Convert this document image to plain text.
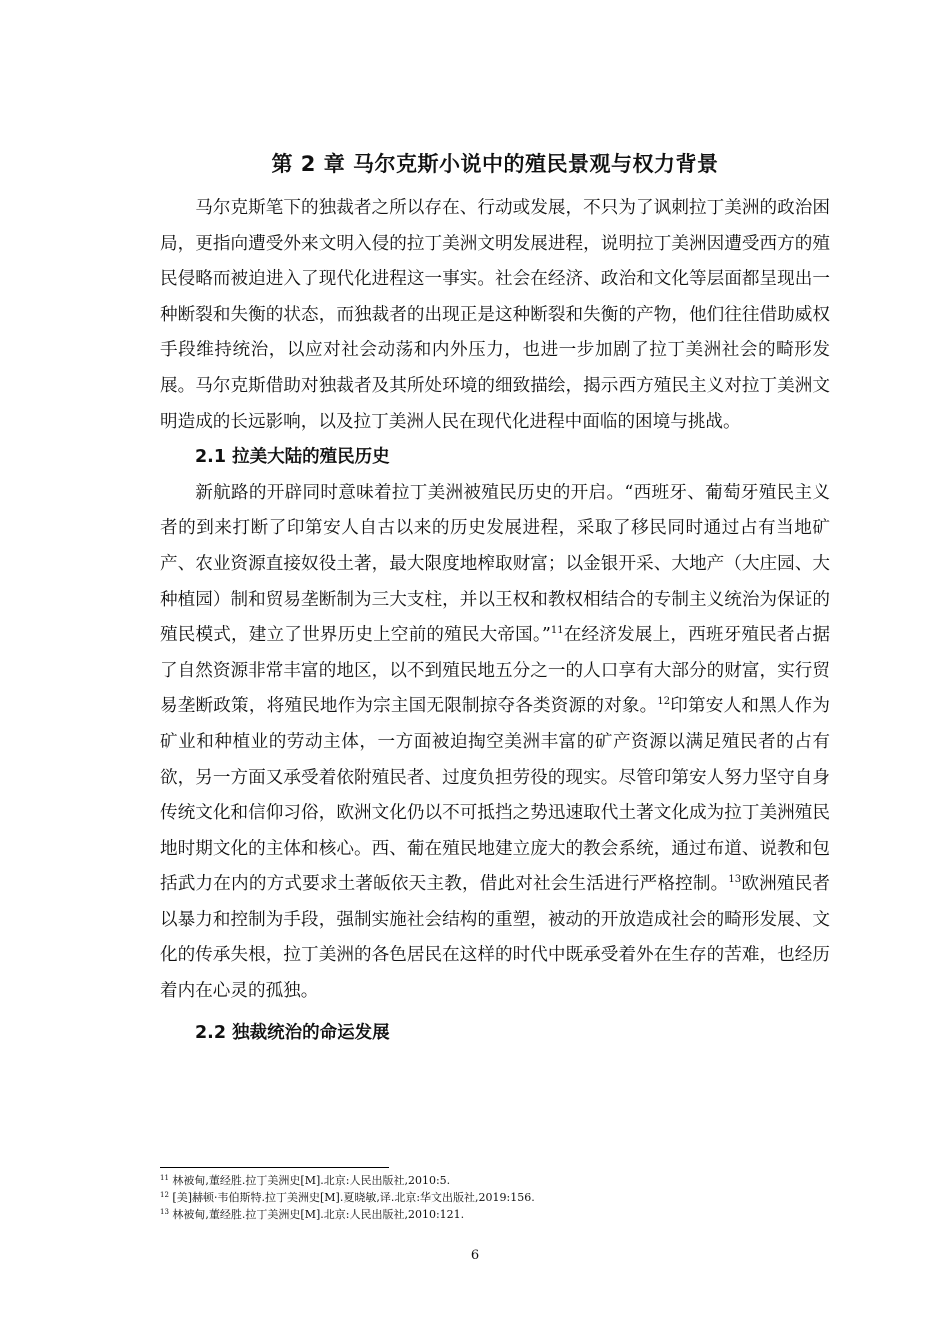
第 2 章 马尔克斯小说中的殖民景观与权力背景

马尔克斯笔下的独裁者之所以存在、行动或发展，不只为了讽刺拉丁美洲的政治困局，更指向遭受外来文明入侵的拉丁美洲文明发展进程，说明拉丁美洲因遭受西方的殖民侵略而被迫进入了现代化进程这一事实。社会在经济、政治和文化等层面都呈现出一种断裂和失衡的状态，而独裁者的出现正是这种断裂和失衡的产物，他们往往借助威权手段维持统治，以应对社会动荡和内外压力，也进一步加剧了拉丁美洲社会的畸形发展。马尔克斯借助对独裁者及其所处环境的细致描绘，揭示西方殖民主义对拉丁美洲文明造成的长远影响，以及拉丁美洲人民在现代化进程中面临的困境与挑战。

2.1 拉美大陆的殖民历史

新航路的开辟同时意味着拉丁美洲被殖民历史的开启。“西班牙、葡萄牙殖民主义者的到来打断了印第安人自古以来的历史发展进程，采取了移民同时通过占有当地矿产、农业资源直接奴役土著，最大限度地榨取财富；以金银开采、大地产（大庄园、大种植园）制和贸易垄断制为三大支柱，并以王权和教权相结合的专制主义统治为保证的殖民模式，建立了世界历史上空前的殖民大帝国。”$^{11}$在经济发展上，西班牙殖民者占据了自然资源非常丰富的地区，以不到殖民地五分之一的人口享有大部分的财富，实行贸易垄断政策，将殖民地作为宗主国无限制掠夺各类资源的对象。$^{12}$印第安人和黑人作为矿业和种植业的劳动主体，一方面被迫掏空美洲丰富的矿产资源以满足殖民者的占有欲，另一方面又承受着依附殖民者、过度负担劳役的现实。尽管印第安人努力坚守自身传统文化和信仰习俗，欧洲文化仍以不可抵挡之势迅速取代土著文化成为拉丁美洲殖民地时期文化的主体和核心。西、葡在殖民地建立庞大的教会系统，通过布道、说教和包括武力在内的方式要求土著皈依天主教，借此对社会生活进行严格控制。$^{13}$欧洲殖民者以暴力和控制为手段，强制实施社会结构的重塑，被动的开放造成社会的畸形发展、文化的传承失根，拉丁美洲的各色居民在这样的时代中既承受着外在生存的苦难，也经历着内在心灵的孤独。

2.2 独裁统治的命运发展

$^{11}$ 林被甸,董经胜.拉丁美洲史[M].北京:人民出版社,2010:5.

$^{12}$ [美]赫顿·韦伯斯特.拉丁美洲史[M].夏晓敏,译.北京:华文出版社,2019:156.

$^{13}$ 林被甸,董经胜.拉丁美洲史[M].北京:人民出版社,2010:121.

6
